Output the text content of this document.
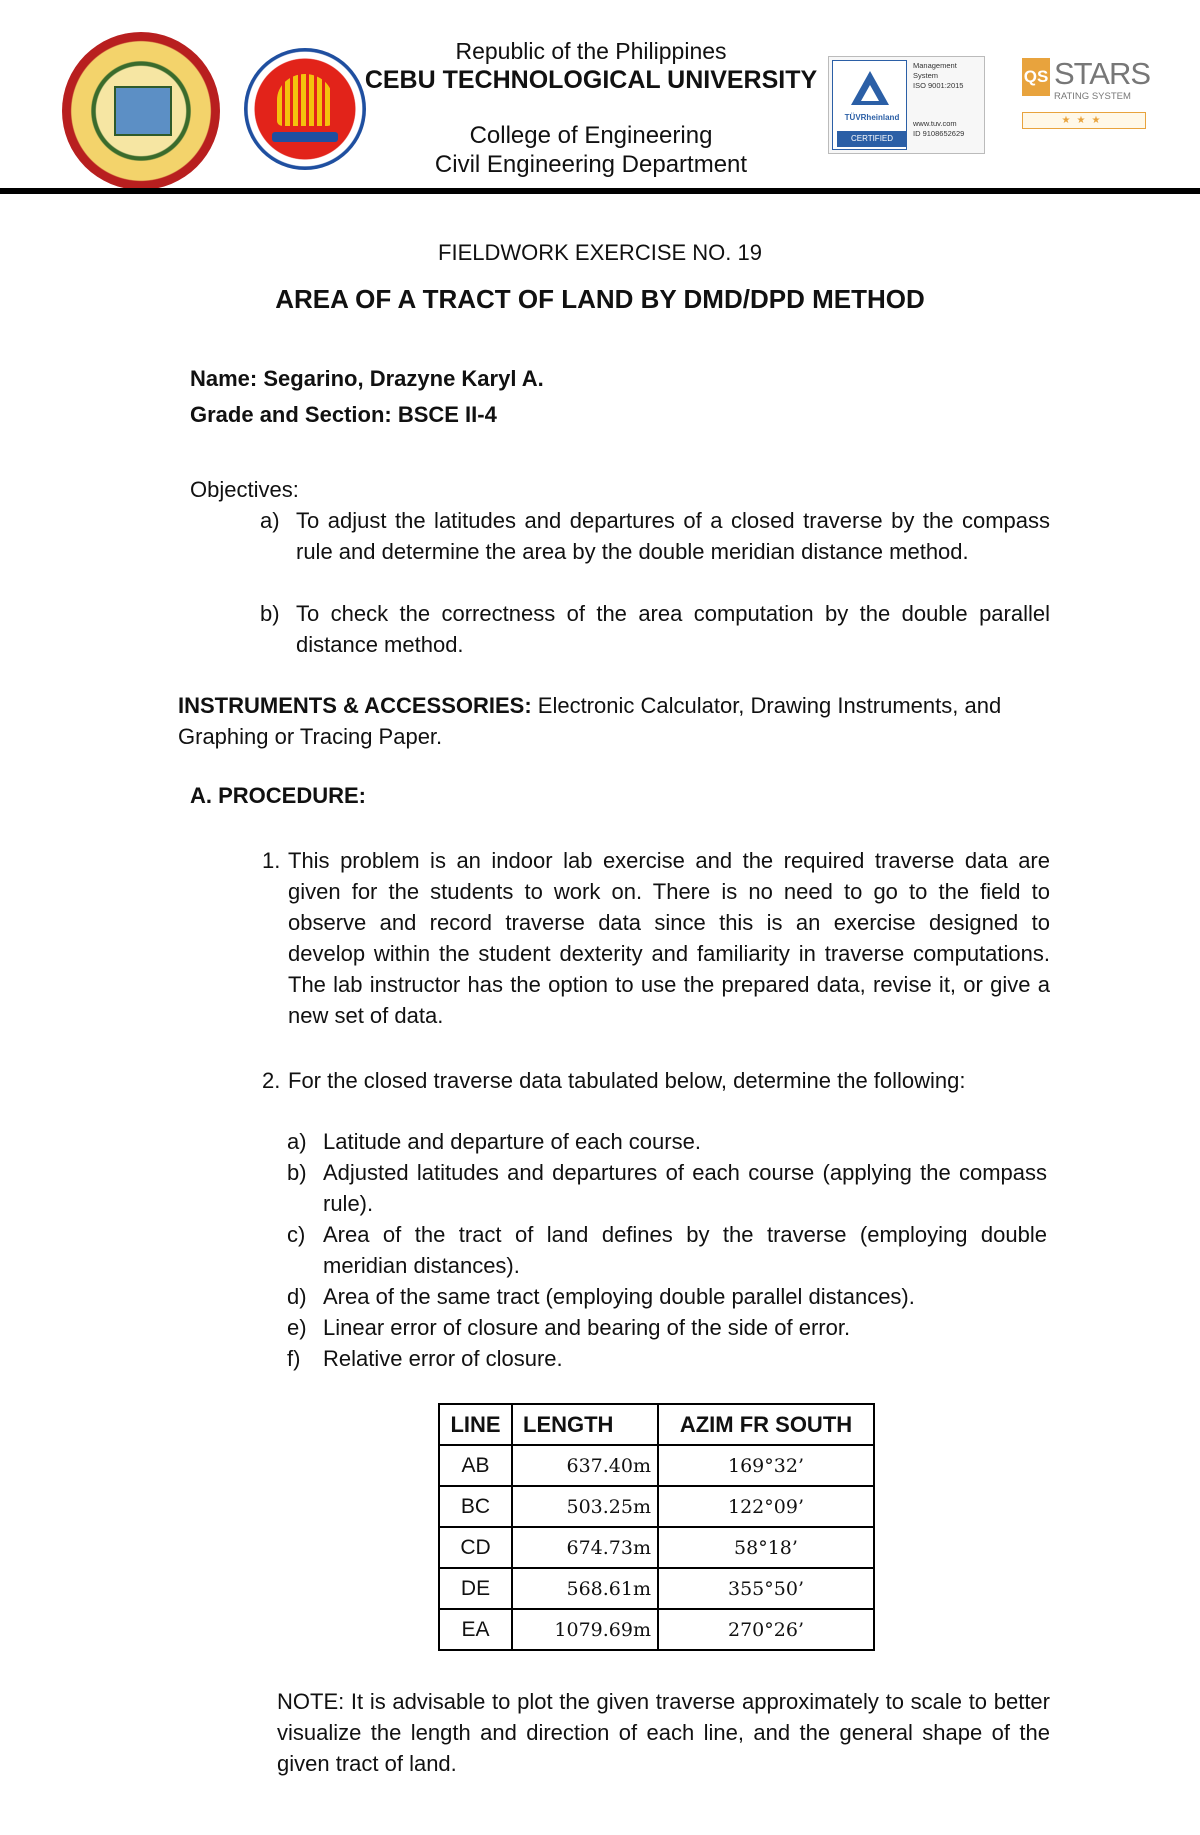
Republic of the Philippines
CEBU TECHNOLOGICAL UNIVERSITY
College of Engineering
Civil Engineering Department
TÜVRheinland
CERTIFIED
Management System
ISO 9001:2015
www.tuv.com
ID 9108652629
QS STARS
RATING SYSTEM
★★★
FIELDWORK EXERCISE NO. 19
AREA OF A TRACT OF LAND BY DMD/DPD METHOD
Name: Segarino, Drazyne Karyl A.
Grade and Section: BSCE II-4
Objectives:
a) To adjust the latitudes and departures of a closed traverse by the compass rule and determine the area by the double meridian distance method.
b) To check the correctness of the area computation by the double parallel distance method.
INSTRUMENTS & ACCESSORIES: Electronic Calculator, Drawing Instruments, and Graphing or Tracing Paper.
A. PROCEDURE:
1. This problem is an indoor lab exercise and the required traverse data are given for the students to work on. There is no need to go to the field to observe and record traverse data since this is an exercise designed to develop within the student dexterity and familiarity in traverse computations. The lab instructor has the option to use the prepared data, revise it, or give a new set of data.
2. For the closed traverse data tabulated below, determine the following:
a) Latitude and departure of each course.
b) Adjusted latitudes and departures of each course (applying the compass rule).
c) Area of the tract of land defines by the traverse (employing double meridian distances).
d) Area of the same tract (employing double parallel distances).
e) Linear error of closure and bearing of the side of error.
f) Relative error of closure.
LINE	LENGTH	AZIM FR SOUTH
AB	637.40m	169°32’
BC	503.25m	122°09’
CD	674.73m	58°18’
DE	568.61m	355°50’
EA	1079.69m	270°26’
NOTE: It is advisable to plot the given traverse approximately to scale to better visualize the length and direction of each line, and the general shape of the given tract of land.
